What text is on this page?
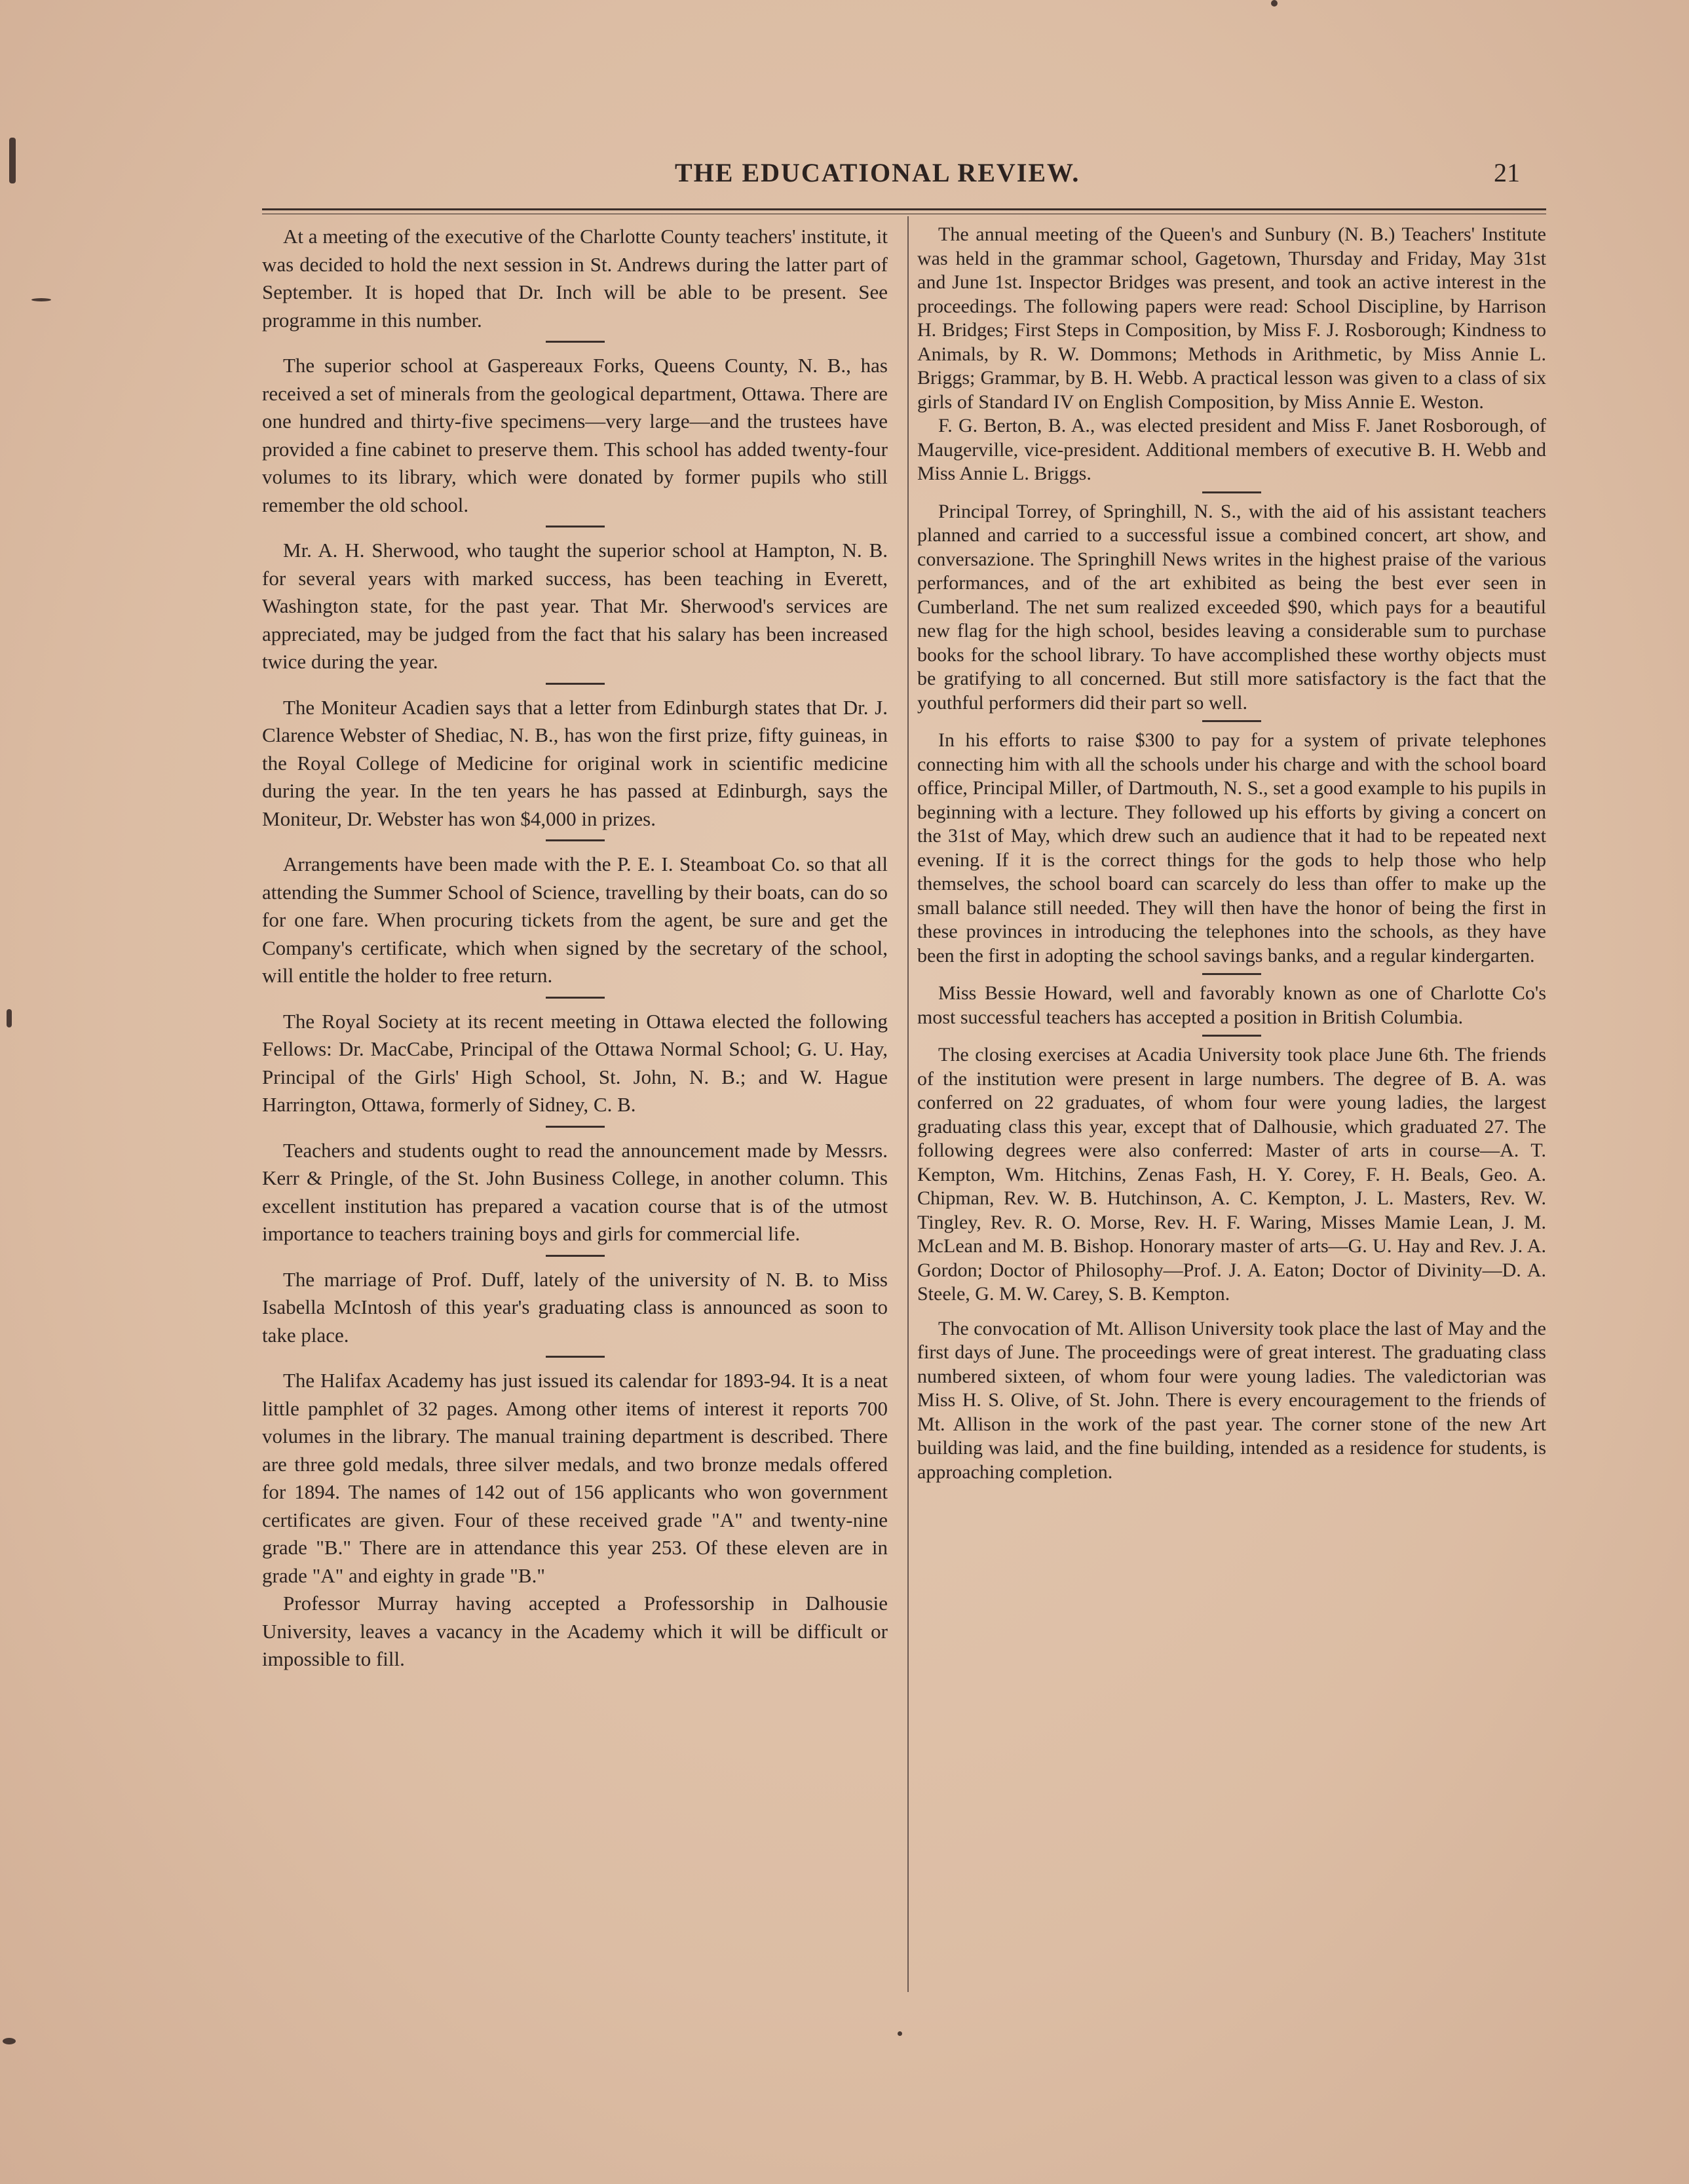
THE EDUCATIONAL REVIEW.	21

At a meeting of the executive of the Charlotte County teachers' institute, it was decided to hold the next session in St. Andrews during the latter part of September. It is hoped that Dr. Inch will be able to be present. See programme in this number.

The superior school at Gaspereaux Forks, Queens County, N. B., has received a set of minerals from the geological department, Ottawa. There are one hundred and thirty-five specimens—very large—and the trustees have provided a fine cabinet to preserve them. This school has added twenty-four volumes to its library, which were donated by former pupils who still remember the old school.

Mr. A. H. Sherwood, who taught the superior school at Hampton, N. B. for several years with marked success, has been teaching in Everett, Washington state, for the past year. That Mr. Sherwood's services are appreciated, may be judged from the fact that his salary has been increased twice during the year.

The Moniteur Acadien says that a letter from Edinburgh states that Dr. J. Clarence Webster of Shediac, N. B., has won the first prize, fifty guineas, in the Royal College of Medicine for original work in scientific medicine during the year. In the ten years he has passed at Edinburgh, says the Moniteur, Dr. Webster has won $4,000 in prizes.

Arrangements have been made with the P. E. I. Steamboat Co. so that all attending the Summer School of Science, travelling by their boats, can do so for one fare. When procuring tickets from the agent, be sure and get the Company's certificate, which when signed by the secretary of the school, will entitle the holder to free return.

The Royal Society at its recent meeting in Ottawa elected the following Fellows: Dr. MacCabe, Principal of the Ottawa Normal School; G. U. Hay, Principal of the Girls' High School, St. John, N. B.; and W. Hague Harrington, Ottawa, formerly of Sidney, C. B.

Teachers and students ought to read the announcement made by Messrs. Kerr & Pringle, of the St. John Business College, in another column. This excellent institution has prepared a vacation course that is of the utmost importance to teachers training boys and girls for commercial life.

The marriage of Prof. Duff, lately of the university of N. B. to Miss Isabella McIntosh of this year's graduating class is announced as soon to take place.

The Halifax Academy has just issued its calendar for 1893-94. It is a neat little pamphlet of 32 pages. Among other items of interest it reports 700 volumes in the library. The manual training department is described. There are three gold medals, three silver medals, and two bronze medals offered for 1894. The names of 142 out of 156 applicants who won government certificates are given. Four of these received grade "A" and twenty-nine grade "B." There are in attendance this year 253. Of these eleven are in grade "A" and eighty in grade "B."

Professor Murray having accepted a Professorship in Dalhousie University, leaves a vacancy in the Academy which it will be difficult or impossible to fill.

The annual meeting of the Queen's and Sunbury (N. B.) Teachers' Institute was held in the grammar school, Gagetown, Thursday and Friday, May 31st and June 1st. Inspector Bridges was present, and took an active interest in the proceedings. The following papers were read: School Discipline, by Harrison H. Bridges; First Steps in Composition, by Miss F. J. Rosborough; Kindness to Animals, by R. W. Dommons; Methods in Arithmetic, by Miss Annie L. Briggs; Grammar, by B. H. Webb. A practical lesson was given to a class of six girls of Standard IV on English Composition, by Miss Annie E. Weston.

F. G. Berton, B. A., was elected president and Miss F. Janet Rosborough, of Maugerville, vice-president. Additional members of executive B. H. Webb and Miss Annie L. Briggs.

Principal Torrey, of Springhill, N. S., with the aid of his assistant teachers planned and carried to a successful issue a combined concert, art show, and conversazione. The Springhill News writes in the highest praise of the various performances, and of the art exhibited as being the best ever seen in Cumberland. The net sum realized exceeded $90, which pays for a beautiful new flag for the high school, besides leaving a considerable sum to purchase books for the school library. To have accomplished these worthy objects must be gratifying to all concerned. But still more satisfactory is the fact that the youthful performers did their part so well.

In his efforts to raise $300 to pay for a system of private telephones connecting him with all the schools under his charge and with the school board office, Principal Miller, of Dartmouth, N. S., set a good example to his pupils in beginning with a lecture. They followed up his efforts by giving a concert on the 31st of May, which drew such an audience that it had to be repeated next evening. If it is the correct things for the gods to help those who help themselves, the school board can scarcely do less than offer to make up the small balance still needed. They will then have the honor of being the first in these provinces in introducing the telephones into the schools, as they have been the first in adopting the school savings banks, and a regular kindergarten.

Miss Bessie Howard, well and favorably known as one of Charlotte Co's most successful teachers has accepted a position in British Columbia.

The closing exercises at Acadia University took place June 6th. The friends of the institution were present in large numbers. The degree of B. A. was conferred on 22 graduates, of whom four were young ladies, the largest graduating class this year, except that of Dalhousie, which graduated 27. The following degrees were also conferred: Master of arts in course—A. T. Kempton, Wm. Hitchins, Zenas Fash, H. Y. Corey, F. H. Beals, Geo. A. Chipman, Rev. W. B. Hutchinson, A. C. Kempton, J. L. Masters, Rev. W. Tingley, Rev. R. O. Morse, Rev. H. F. Waring, Misses Mamie Lean, J. M. McLean and M. B. Bishop. Honorary master of arts—G. U. Hay and Rev. J. A. Gordon; Doctor of Philosophy—Prof. J. A. Eaton; Doctor of Divinity—D. A. Steele, G. M. W. Carey, S. B. Kempton.

The convocation of Mt. Allison University took place the last of May and the first days of June. The proceedings were of great interest. The graduating class numbered sixteen, of whom four were young ladies. The valedictorian was Miss H. S. Olive, of St. John. There is every encouragement to the friends of Mt. Allison in the work of the past year. The corner stone of the new Art building was laid, and the fine building, intended as a residence for students, is approaching completion.
